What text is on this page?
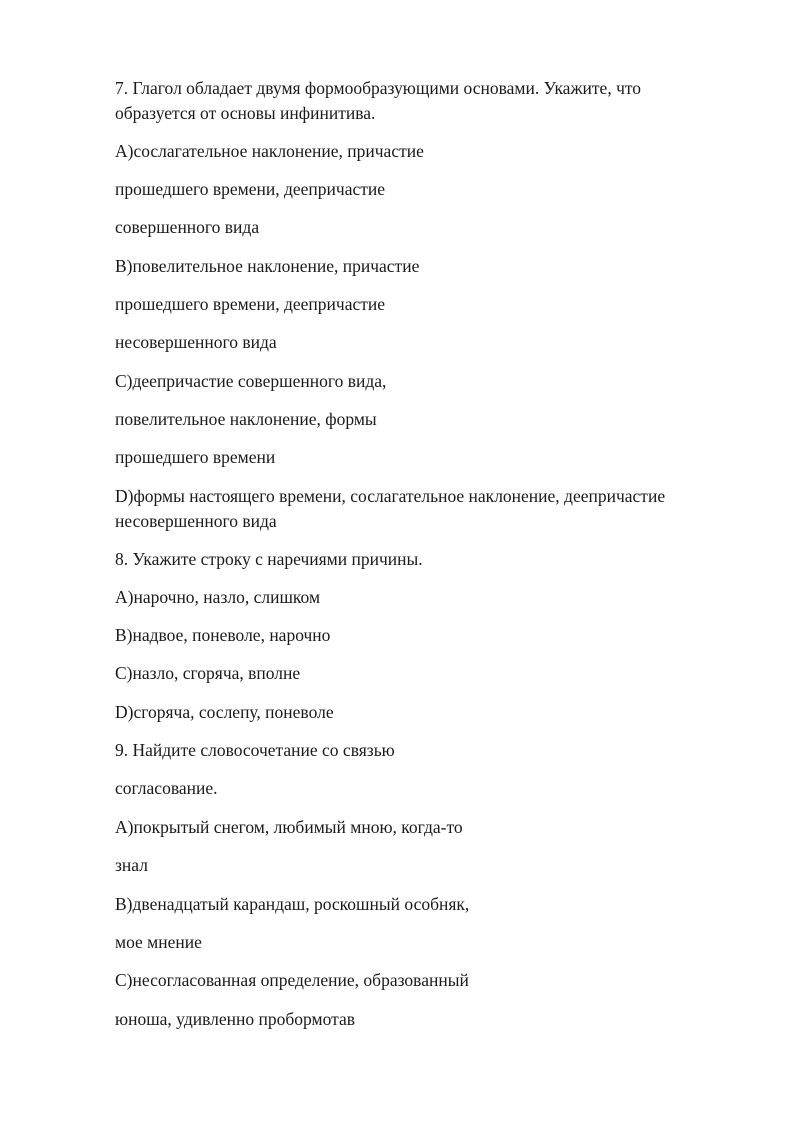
7. Глагол обладает двумя формообразующими основами. Укажите, что
образуется от основы инфинитива.
A)сослагательное наклонение, причастие
прошедшего времени, деепричастие
совершенного вида
B)повелительное наклонение, причастие
прошедшего времени, деепричастие
несовершенного вида
C)деепричастие совершенного вида,
повелительное наклонение, формы
прошедшего времени
D)формы настоящего времени, сослагательное наклонение, деепричастие
несовершенного вида
8. Укажите строку с наречиями причины.
A)нарочно, назло, слишком
B)надвое, поневоле, нарочно
C)назло, сгоряча, вполне
D)сгоряча, сослепу, поневоле
9. Найдите словосочетание со связью
согласование.
A)покрытый снегом, любимый мною, когда-то
знал
B)двенадцатый карандаш, роскошный особняк,
мое мнение
C)несогласованная определение, образованный
юноша, удивленно пробормотав
